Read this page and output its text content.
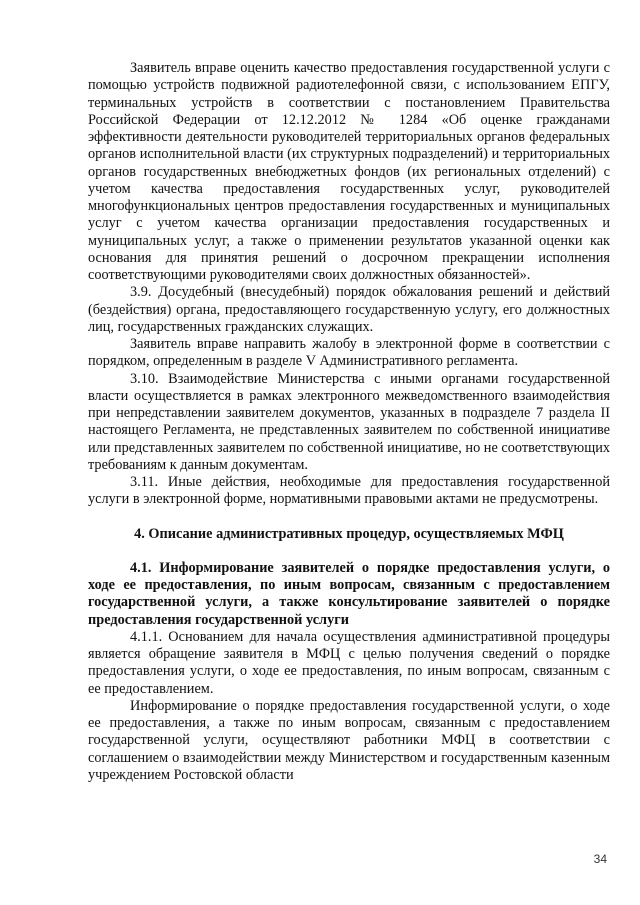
Заявитель вправе оценить качество предоставления государственной услуги с помощью устройств подвижной радиотелефонной связи, с использованием ЕПГУ, терминальных устройств в соответствии с постановлением Правительства Российской Федерации от 12.12.2012 № 1284 «Об оценке гражданами эффективности деятельности руководителей территориальных органов федеральных органов исполнительной власти (их структурных подразделений) и территориальных органов государственных внебюджетных фондов (их региональных отделений) с учетом качества предоставления государственных услуг, руководителей многофункциональных центров предоставления государственных и муниципальных услуг с учетом качества организации предоставления государственных и муниципальных услуг, а также о применении результатов указанной оценки как основания для принятия решений о досрочном прекращении исполнения соответствующими руководителями своих должностных обязанностей».

3.9. Досудебный (внесудебный) порядок обжалования решений и действий (бездействия) органа, предоставляющего государственную услугу, его должностных лиц, государственных гражданских служащих.

Заявитель вправе направить жалобу в электронной форме в соответствии с порядком, определенным в разделе V Административного регламента.

3.10. Взаимодействие Министерства с иными органами государственной власти осуществляется в рамках электронного межведомственного взаимодействия при непредставлении заявителем документов, указанных в подразделе 7 раздела II настоящего Регламента, не представленных заявителем по собственной инициативе или представленных заявителем по собственной инициативе, но не соответствующих требованиям к данным документам.

3.11. Иные действия, необходимые для предоставления государственной услуги в электронной форме, нормативными правовыми актами не предусмотрены.

4. Описание административных процедур, осуществляемых МФЦ

4.1. Информирование заявителей о порядке предоставления услуги, о ходе ее предоставления, по иным вопросам, связанным с предоставлением государственной услуги, а также консультирование заявителей о порядке предоставления государственной услуги

4.1.1. Основанием для начала осуществления административной процедуры является обращение заявителя в МФЦ с целью получения сведений о порядке предоставления услуги, о ходе ее предоставления, по иным вопросам, связанным с ее предоставлением.

Информирование о порядке предоставления государственной услуги, о ходе ее предоставления, а также по иным вопросам, связанным с предоставлением государственной услуги, осуществляют работники МФЦ в соответствии с соглашением о взаимодействии между Министерством и государственным казенным учреждением Ростовской области

34
